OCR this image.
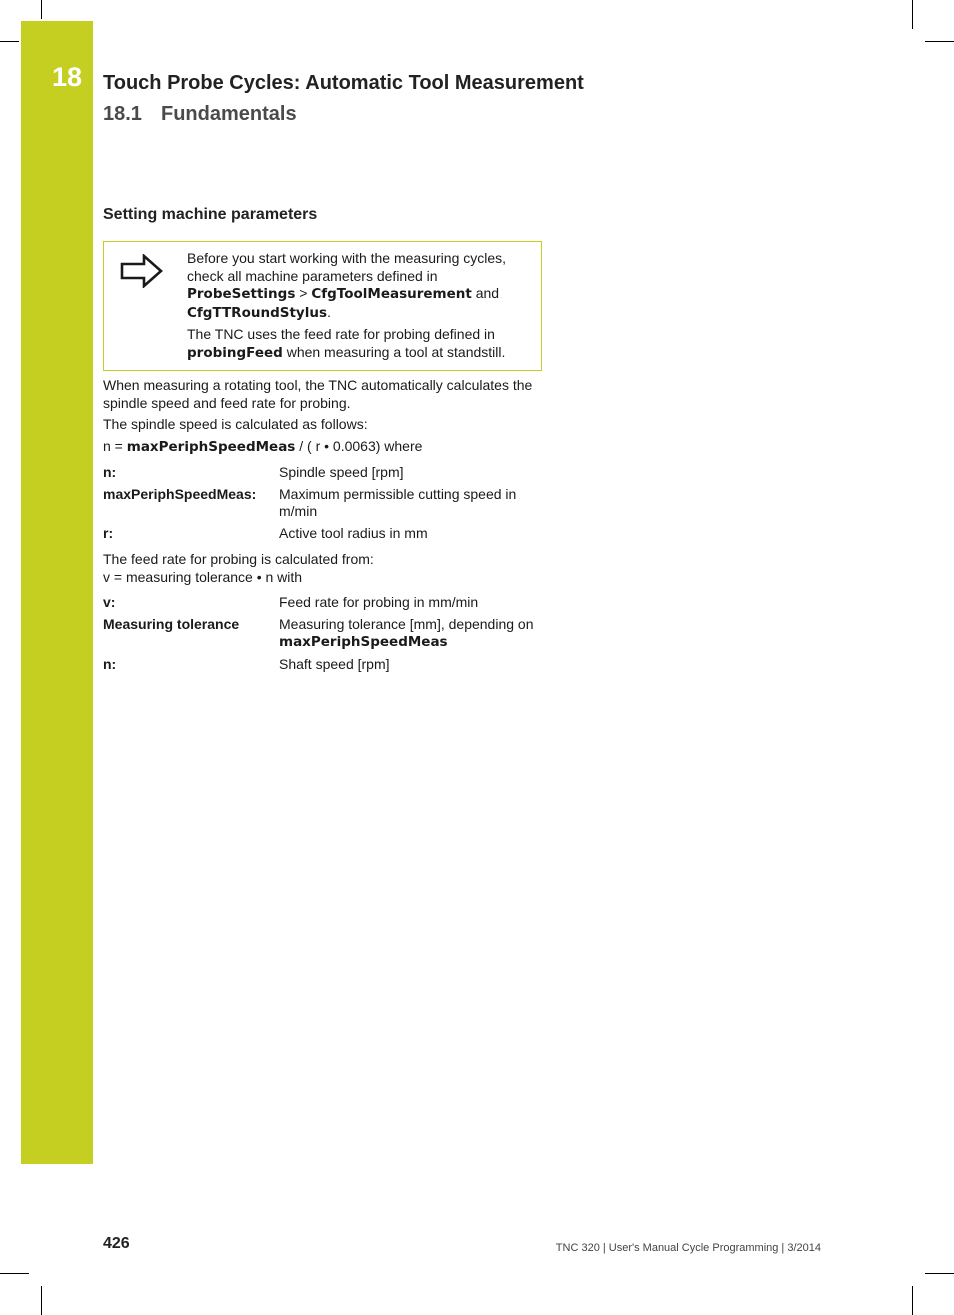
18 Touch Probe Cycles: Automatic Tool Measurement
18.1 Fundamentals
Setting machine parameters

Before you start working with the measuring cycles, check all machine parameters defined in ProbeSettings > CfgToolMeasurement and CfgTTRoundStylus.

The TNC uses the feed rate for probing defined in probingFeed when measuring a tool at standstill.

When measuring a rotating tool, the TNC automatically calculates the spindle speed and feed rate for probing.
The spindle speed is calculated as follows:
n = maxPeriphSpeedMeas / ( r • 0.0063) where
n:	Spindle speed [rpm]
maxPeriphSpeedMeas:	Maximum permissible cutting speed in m/min
r:	Active tool radius in mm
The feed rate for probing is calculated from:
v = measuring tolerance • n with
v:	Feed rate for probing in mm/min
Measuring tolerance	Measuring tolerance [mm], depending on maxPeriphSpeedMeas
n:	Shaft speed [rpm]
426	TNC 320 | User's Manual Cycle Programming | 3/2014
